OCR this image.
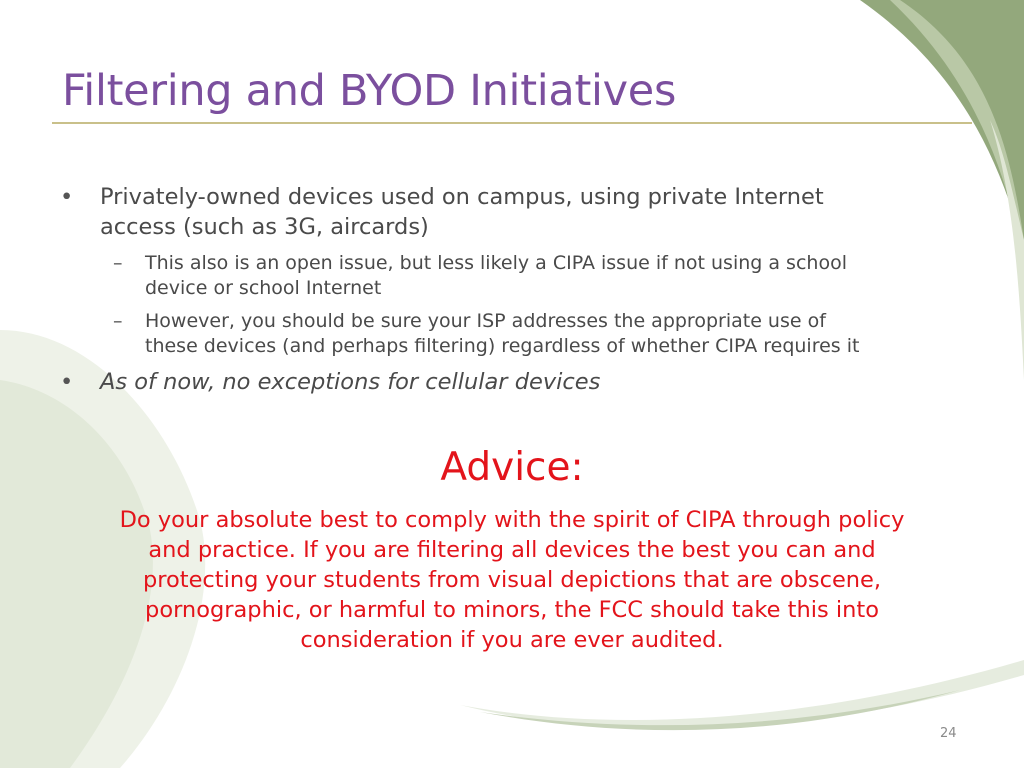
Filtering and BYOD Initiatives

• Privately-owned devices used on campus, using private Internet

access (such as 3G, aircards)

– This also is an open issue, but less likely a CIPA issue if not using a school

device or school Internet

– However, you should be sure your ISP addresses the appropriate use of

these devices (and perhaps filtering) regardless of whether CIPA requires it

• As of now, no exceptions for cellular devices

Advice:
Do your absolute best to comply with the spirit of CIPA through policy
and practice. If you are filtering all devices the best you can and
protecting your students from visual depictions that are obscene,
pornographic, or harmful to minors, the FCC should take this into
consideration if you are ever audited.
24
